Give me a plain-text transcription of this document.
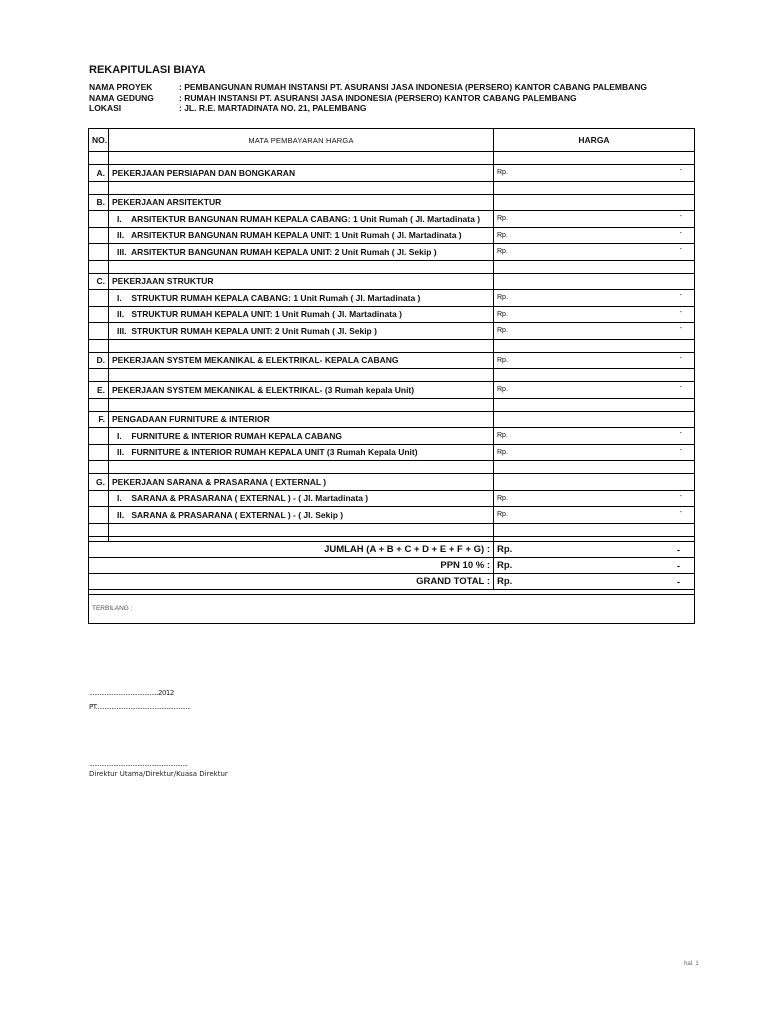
REKAPITULASI BIAYA
NAMA PROYEK	: PEMBANGUNAN RUMAH INSTANSI PT. ASURANSI JASA INDONESIA (PERSERO) KANTOR CABANG PALEMBANG
NAMA GEDUNG	: RUMAH INSTANSI PT. ASURANSI JASA INDONESIA (PERSERO) KANTOR CABANG PALEMBANG
LOKASI	: JL. R.E. MARTADINATA NO. 21, PALEMBANG
NO.	MATA PEMBAYARAN HARGA	HARGA

A.	PEKERJAAN PERSIAPAN DAN BONGKARAN	Rp. -

B.	PEKERJAAN ARSITEKTUR	
	I. ARSITEKTUR BANGUNAN RUMAH KEPALA CABANG: 1 Unit Rumah ( Jl. Martadinata )	Rp. -

	II. ARSITEKTUR BANGUNAN RUMAH KEPALA UNIT: 1 Unit Rumah ( Jl. Martadinata )	Rp. -

	III. ARSITEKTUR BANGUNAN RUMAH KEPALA UNIT: 2 Unit Rumah ( Jl. Sekip )	Rp. -

C.	PEKERJAAN STRUKTUR	
	I. STRUKTUR RUMAH KEPALA CABANG: 1 Unit Rumah ( Jl. Martadinata )	Rp. -

	II. STRUKTUR RUMAH KEPALA UNIT: 1 Unit Rumah ( Jl. Martadinata )	Rp. -

	III. STRUKTUR RUMAH KEPALA UNIT: 2 Unit Rumah ( Jl. Sekip )	Rp. -

D.	PEKERJAAN SYSTEM MEKANIKAL & ELEKTRIKAL- KEPALA CABANG	Rp. -

E.	PEKERJAAN SYSTEM MEKANIKAL & ELEKTRIKAL- (3 Rumah kepala Unit)	Rp. -

F.	PENGADAAN FURNITURE & INTERIOR	
	I. FURNITURE & INTERIOR RUMAH KEPALA CABANG	Rp. -

	II. FURNITURE & INTERIOR RUMAH KEPALA UNIT (3 Rumah Kepala Unit)	Rp. -

G.	PEKERJAAN SARANA & PRASARANA ( EXTERNAL )	
	I. SARANA & PRASARANA ( EXTERNAL ) - ( Jl. Martadinata )	Rp. -

	II. SARANA & PRASARANA ( EXTERNAL ) - ( Jl. Sekip )	Rp. -

JUMLAH (A + B + C + D + E + F + G) :		Rp. -

PPN 10 % :		Rp. -

GRAND TOTAL :		Rp. -

TERBILANG :		
........................................2012
PT.......................................................
.........................................................
Direktur Utama/Direktur/Kuasa Direktur
hal. 1
